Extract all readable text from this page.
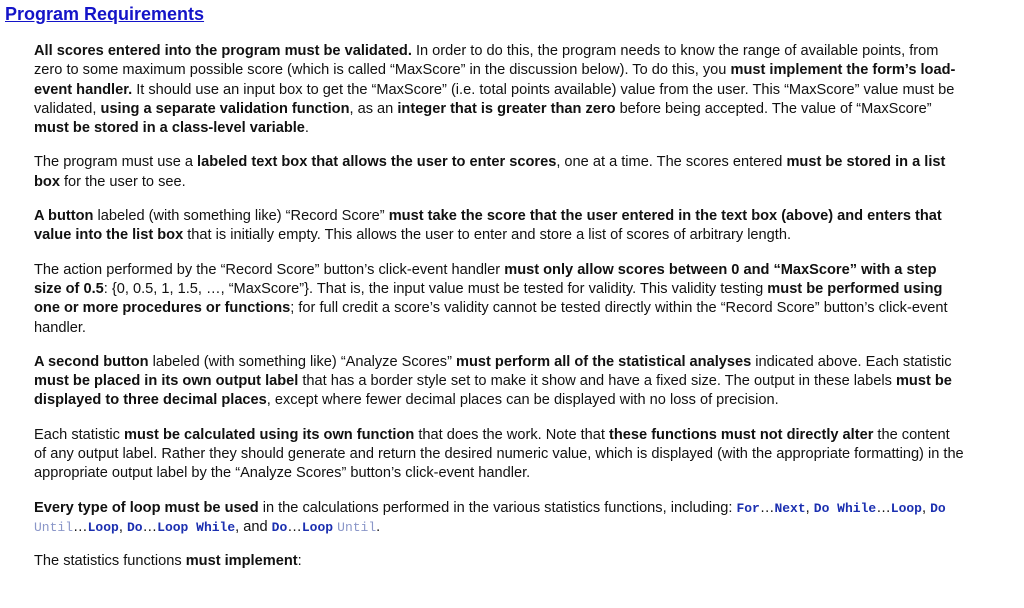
Program Requirements

All scores entered into the program must be validated. In order to do this, the program needs to know the range of available points, from zero to some maximum possible score (which is called “MaxScore” in the discussion below). To do this, you must implement the form’s load-event handler. It should use an input box to get the “MaxScore” (i.e. total points available) value from the user. This “MaxScore” value must be validated, using a separate validation function, as an integer that is greater than zero before being accepted. The value of “MaxScore” must be stored in a class-level variable.

The program must use a labeled text box that allows the user to enter scores, one at a time. The scores entered must be stored in a list box for the user to see.

A button labeled (with something like) “Record Score” must take the score that the user entered in the text box (above) and enters that value into the list box that is initially empty. This allows the user to enter and store a list of scores of arbitrary length.

The action performed by the “Record Score” button’s click-event handler must only allow scores between 0 and “MaxScore” with a step size of 0.5: {0, 0.5, 1, 1.5, …, “MaxScore”}. That is, the input value must be tested for validity. This validity testing must be performed using one or more procedures or functions; for full credit a score’s validity cannot be tested directly within the “Record Score” button’s click-event handler.

A second button labeled (with something like) “Analyze Scores” must perform all of the statistical analyses indicated above. Each statistic must be placed in its own output label that has a border style set to make it show and have a fixed size. The output in these labels must be displayed to three decimal places, except where fewer decimal places can be displayed with no loss of precision.

Each statistic must be calculated using its own function that does the work. Note that these functions must not directly alter the content of any output label. Rather they should generate and return the desired numeric value, which is displayed (with the appropriate formatting) in the appropriate output label by the “Analyze Scores” button’s click-event handler.

Every type of loop must be used in the calculations performed in the various statistics functions, including: For…Next, Do While…Loop, Do Until…Loop, Do…Loop While, and Do…Loop Until.

The statistics functions must implement:
